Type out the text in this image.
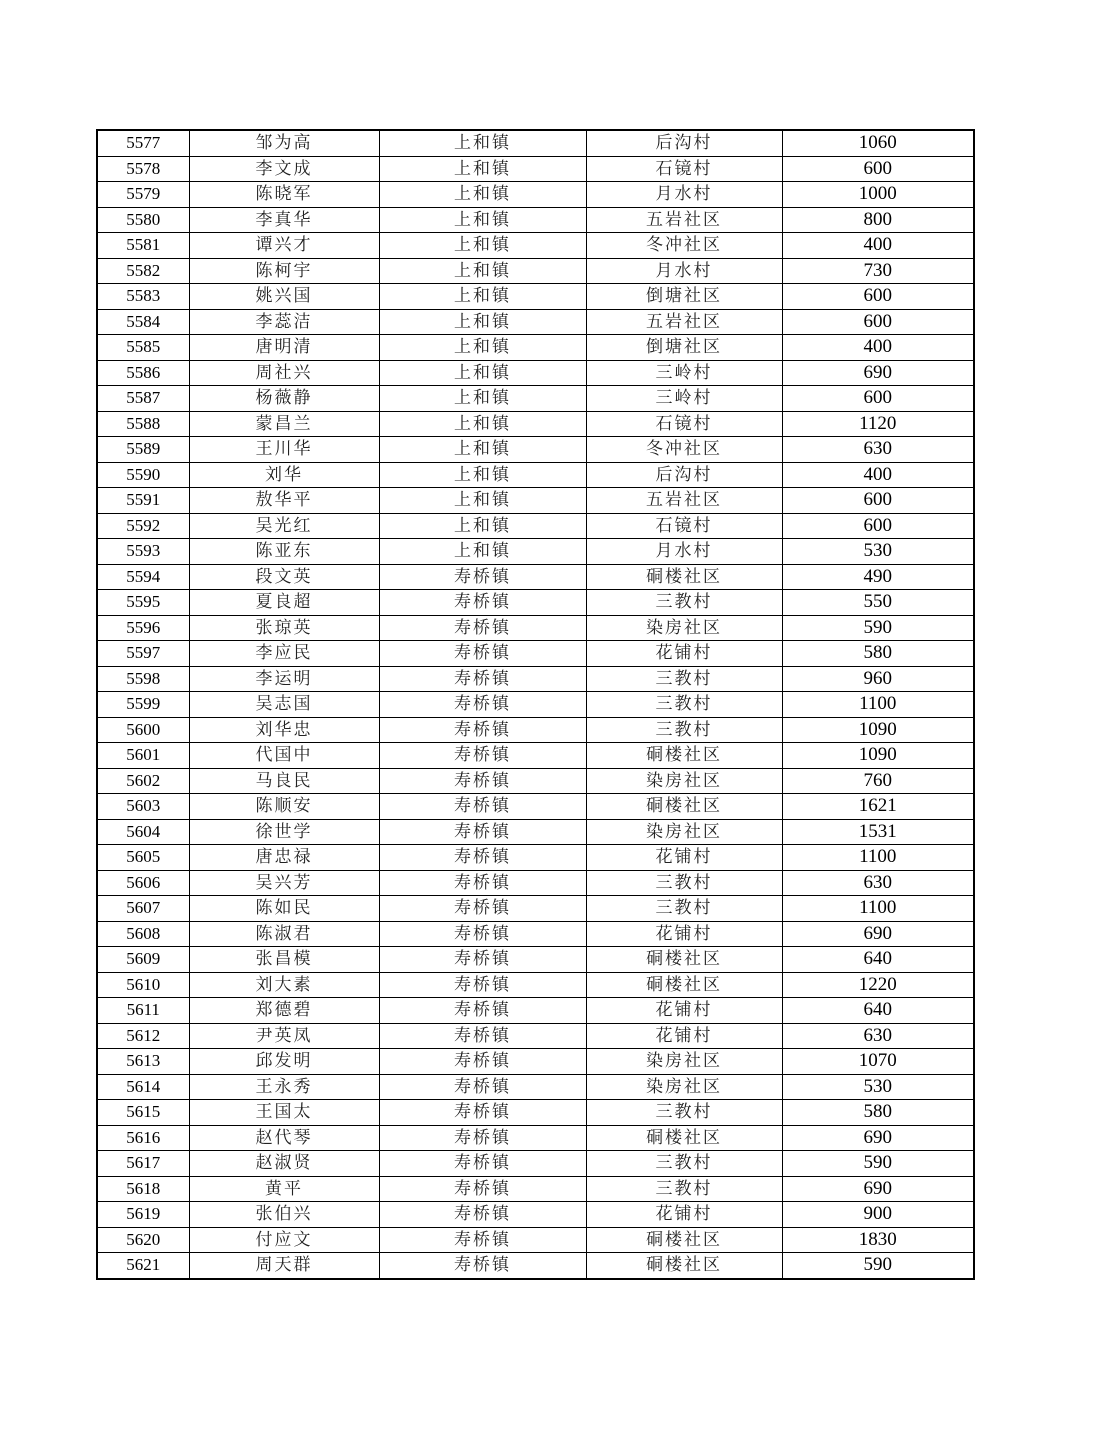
5577	邹为高	上和镇	后沟村	1060
5578	李文成	上和镇	石镜村	600
5579	陈晓军	上和镇	月水村	1000
5580	李真华	上和镇	五岩社区	800
5581	谭兴才	上和镇	冬冲社区	400
5582	陈柯宇	上和镇	月水村	730
5583	姚兴国	上和镇	倒塘社区	600
5584	李蕊洁	上和镇	五岩社区	600
5585	唐明清	上和镇	倒塘社区	400
5586	周社兴	上和镇	三岭村	690
5587	杨薇静	上和镇	三岭村	600
5588	蒙昌兰	上和镇	石镜村	1120
5589	王川华	上和镇	冬冲社区	630
5590	刘华	上和镇	后沟村	400
5591	敖华平	上和镇	五岩社区	600
5592	吴光红	上和镇	石镜村	600
5593	陈亚东	上和镇	月水村	530
5594	段文英	寿桥镇	硐楼社区	490
5595	夏良超	寿桥镇	三教村	550
5596	张琼英	寿桥镇	染房社区	590
5597	李应民	寿桥镇	花铺村	580
5598	李运明	寿桥镇	三教村	960
5599	吴志国	寿桥镇	三教村	1100
5600	刘华忠	寿桥镇	三教村	1090
5601	代国中	寿桥镇	硐楼社区	1090
5602	马良民	寿桥镇	染房社区	760
5603	陈顺安	寿桥镇	硐楼社区	1621
5604	徐世学	寿桥镇	染房社区	1531
5605	唐忠禄	寿桥镇	花铺村	1100
5606	吴兴芳	寿桥镇	三教村	630
5607	陈如民	寿桥镇	三教村	1100
5608	陈淑君	寿桥镇	花铺村	690
5609	张昌模	寿桥镇	硐楼社区	640
5610	刘大素	寿桥镇	硐楼社区	1220
5611	郑德碧	寿桥镇	花铺村	640
5612	尹英凤	寿桥镇	花铺村	630
5613	邱发明	寿桥镇	染房社区	1070
5614	王永秀	寿桥镇	染房社区	530
5615	王国太	寿桥镇	三教村	580
5616	赵代琴	寿桥镇	硐楼社区	690
5617	赵淑贤	寿桥镇	三教村	590
5618	黄平	寿桥镇	三教村	690
5619	张伯兴	寿桥镇	花铺村	900
5620	付应文	寿桥镇	硐楼社区	1830
5621	周天群	寿桥镇	硐楼社区	590
